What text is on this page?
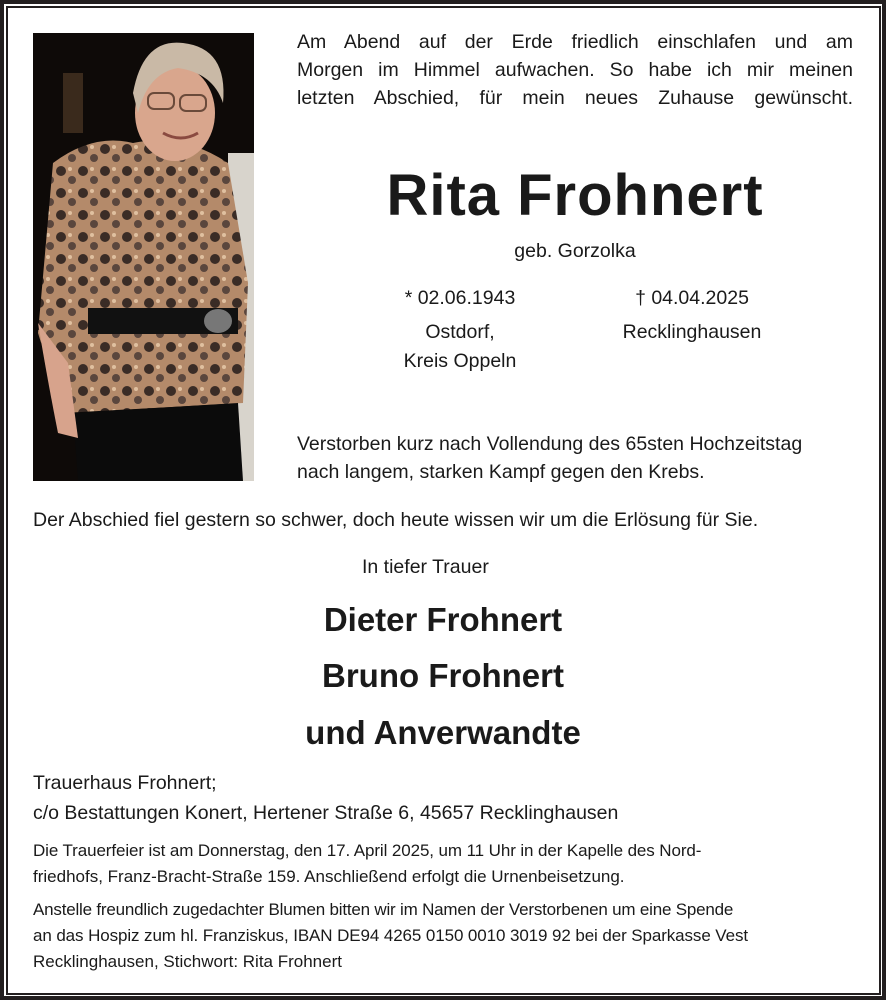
Am Abend auf der Erde friedlich einschlafen und am
Morgen im Himmel aufwachen. So habe ich mir meinen
letzten Abschied, für mein neues Zuhause gewünscht.
Rita Frohnert
geb. Gorzolka
* 02.06.1943
Ostdorf,
Kreis Oppeln
† 04.04.2025
Recklinghausen
Verstorben kurz nach Vollendung des 65sten Hochzeitstag
nach langem, starken Kampf gegen den Krebs.
Der Abschied fiel gestern so schwer, doch heute wissen wir um die Erlösung für Sie.
In tiefer Trauer
Dieter Frohnert
Bruno Frohnert
und Anverwandte
Trauerhaus Frohnert;
c/o Bestattungen Konert, Hertener Straße 6, 45657 Recklinghausen
Die Trauerfeier ist am Donnerstag, den 17. April 2025, um 11 Uhr in der Kapelle des Nord-
friedhofs, Franz-Bracht-Straße 159. Anschließend erfolgt die Urnenbeisetzung.
Anstelle freundlich zugedachter Blumen bitten wir im Namen der Verstorbenen um eine Spende
an das Hospiz zum hl. Franziskus, IBAN DE94 4265 0150 0010 3019 92 bei der Sparkasse Vest
Recklinghausen, Stichwort: Rita Frohnert
